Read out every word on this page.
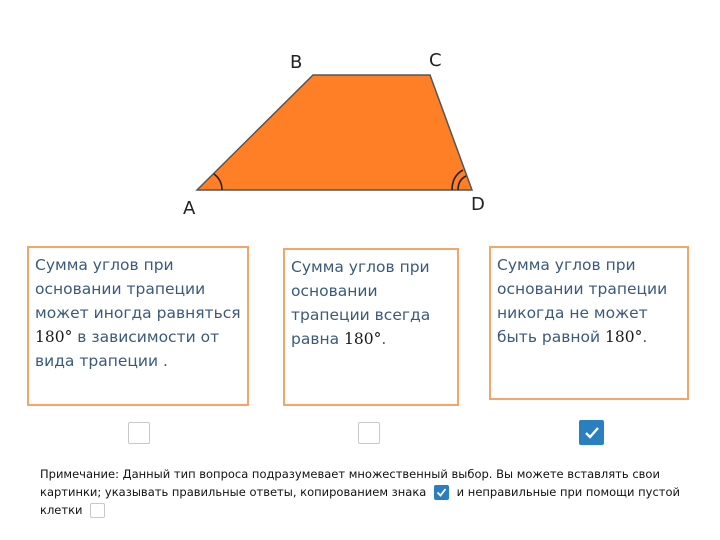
B	C
A	D
Сумма углов при основании трапеции может иногда равняться 180° в зависимости от вида трапеции .
Сумма углов при основании трапеции всегда равна 180°.
Сумма углов при основании трапеции никогда не может быть равной 180°.
Примечание: Данный тип вопроса подразумевает множественный выбор. Вы можете вставлять свои картинки; указывать правильные ответы, копированием знака	и неправильные при помощи пустой клетки
